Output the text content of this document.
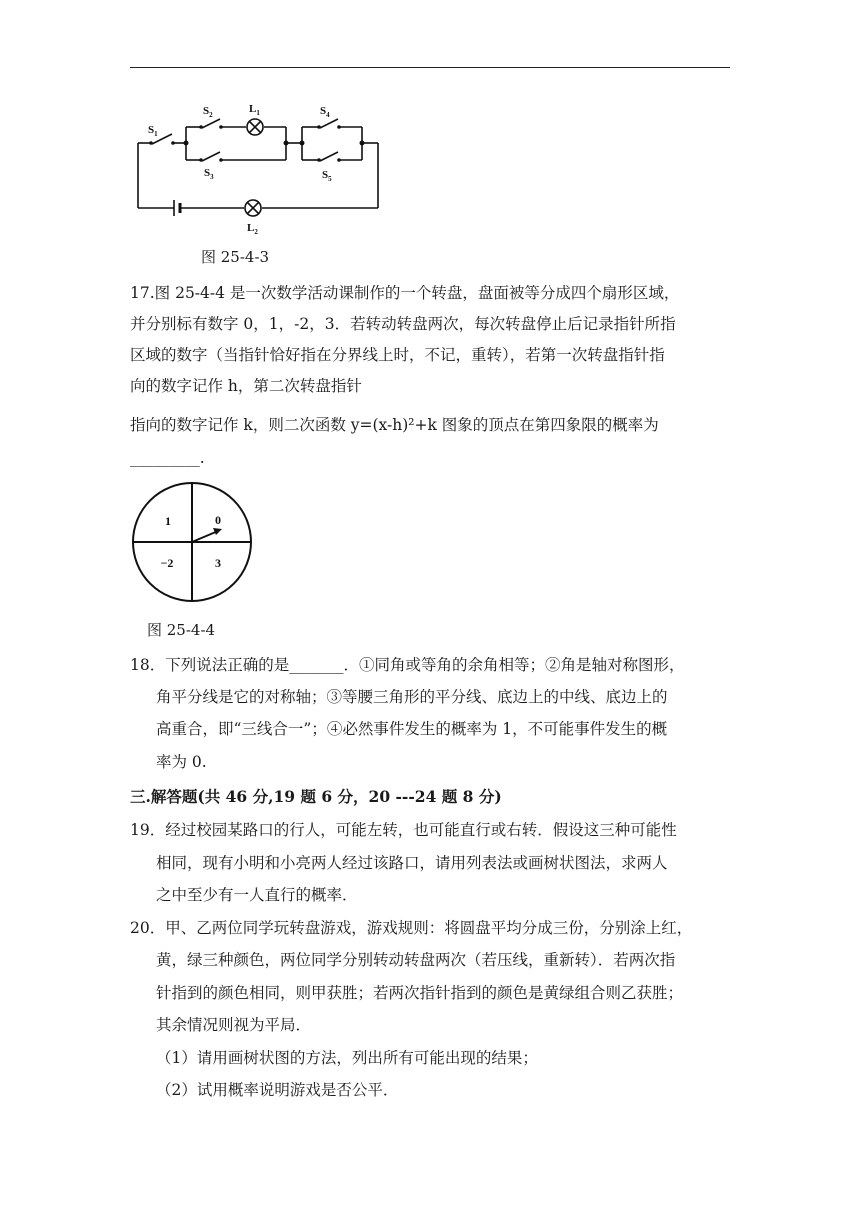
$S_1$
$S_2$	$L_1$
$S_3$
$S_4$
$S_5$
$L_2$
图 25-4-3
17.图 25-4-4 是一次数学活动课制作的一个转盘，盘面被等分成四个扇形区域，
并分别标有数字 0，1，-2，3．若转动转盘两次，每次转盘停止后记录指针所指
区域的数字（当指针恰好指在分界线上时，不记，重转），若第一次转盘指针指
向的数字记作 h，第二次转盘指针
指向的数字记作 k，则二次函数 y=(x-h)²+k 图象的顶点在第四象限的概率为
_________.
1	0
−2	3
图 25-4-4
18．下列说法正确的是_______．①同角或等角的余角相等；②角是轴对称图形，
角平分线是它的对称轴；③等腰三角形的平分线、底边上的中线、底边上的
高重合，即“三线合一”；④必然事件发生的概率为 1，不可能事件发生的概
率为 0.
三.解答题(共 46 分,19 题 6 分，20 ---24 题 8 分)
19．经过校园某路口的行人，可能左转，也可能直行或右转．假设这三种可能性
相同，现有小明和小亮两人经过该路口，请用列表法或画树状图法，求两人
之中至少有一人直行的概率．
20．甲、乙两位同学玩转盘游戏，游戏规则：将圆盘平均分成三份，分别涂上红，
黄，绿三种颜色，两位同学分别转动转盘两次（若压线，重新转）．若两次指
针指到的颜色相同，则甲获胜；若两次指针指到的颜色是黄绿组合则乙获胜；
其余情况则视为平局．
（1）请用画树状图的方法，列出所有可能出现的结果；
（2）试用概率说明游戏是否公平．
